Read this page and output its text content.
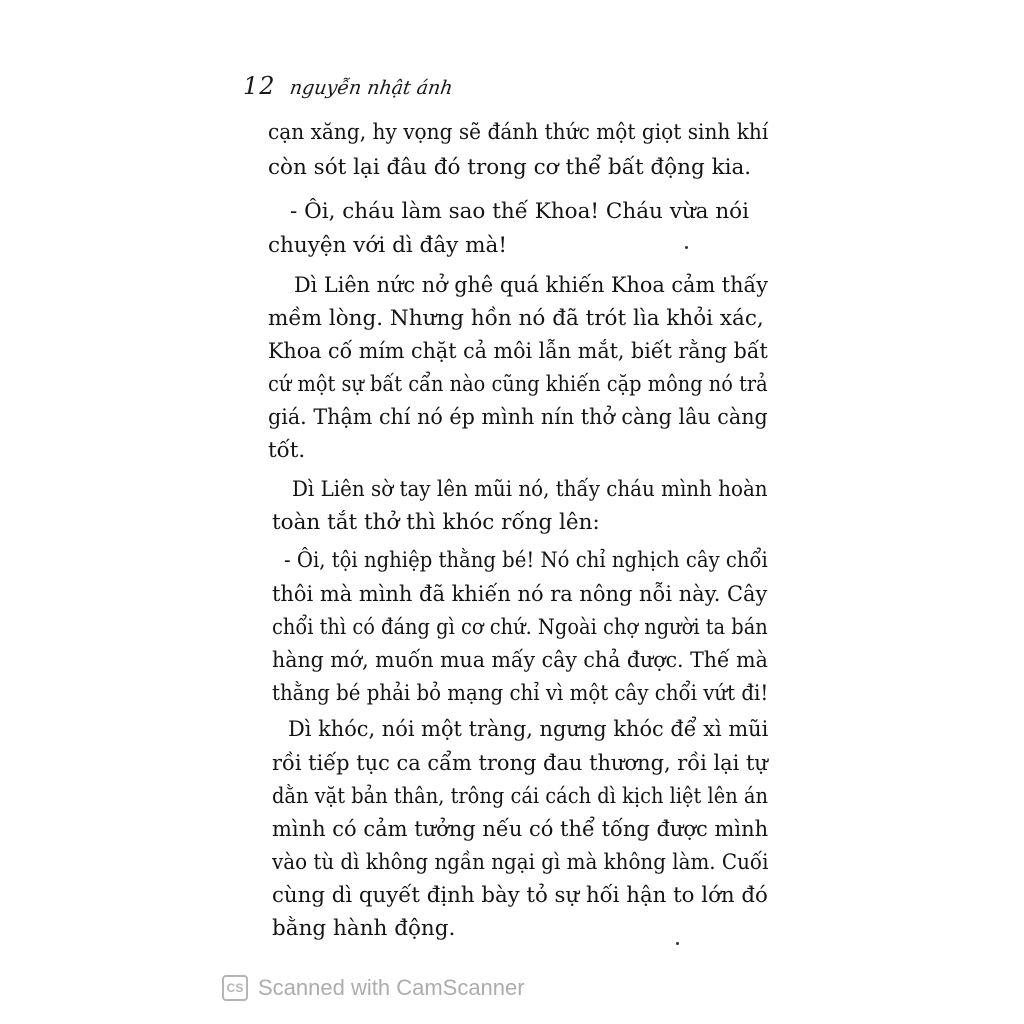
12 nguyễn nhật ánh
cạn xăng, hy vọng sẽ đánh thức một giọt sinh khí
còn sót lại đâu đó trong cơ thể bất động kia.
- Ôi, cháu làm sao thế Khoa! Cháu vừa nói
chuyện với dì đây mà!
Dì Liên nức nở ghê quá khiến Khoa cảm thấy
mềm lòng. Nhưng hồn nó đã trót lìa khỏi xác,
Khoa cố mím chặt cả môi lẫn mắt, biết rằng bất
cứ một sự bất cẩn nào cũng khiến cặp mông nó trả
giá. Thậm chí nó ép mình nín thở càng lâu càng
tốt.
Dì Liên sờ tay lên mũi nó, thấy cháu mình hoàn
toàn tắt thở thì khóc rống lên:
- Ôi, tội nghiệp thằng bé! Nó chỉ nghịch cây chổi
thôi mà mình đã khiến nó ra nông nỗi này. Cây
chổi thì có đáng gì cơ chứ. Ngoài chợ người ta bán
hàng mớ, muốn mua mấy cây chả được. Thế mà
thằng bé phải bỏ mạng chỉ vì một cây chổi vứt đi!
Dì khóc, nói một tràng, ngưng khóc để xì mũi
rồi tiếp tục ca cẩm trong đau thương, rồi lại tự
dằn vặt bản thân, trông cái cách dì kịch liệt lên án
mình có cảm tưởng nếu có thể tống được mình
vào tù dì không ngần ngại gì mà không làm. Cuối
cùng dì quyết định bày tỏ sự hối hận to lớn đó
bằng hành động.
CS Scanned with CamScanner
